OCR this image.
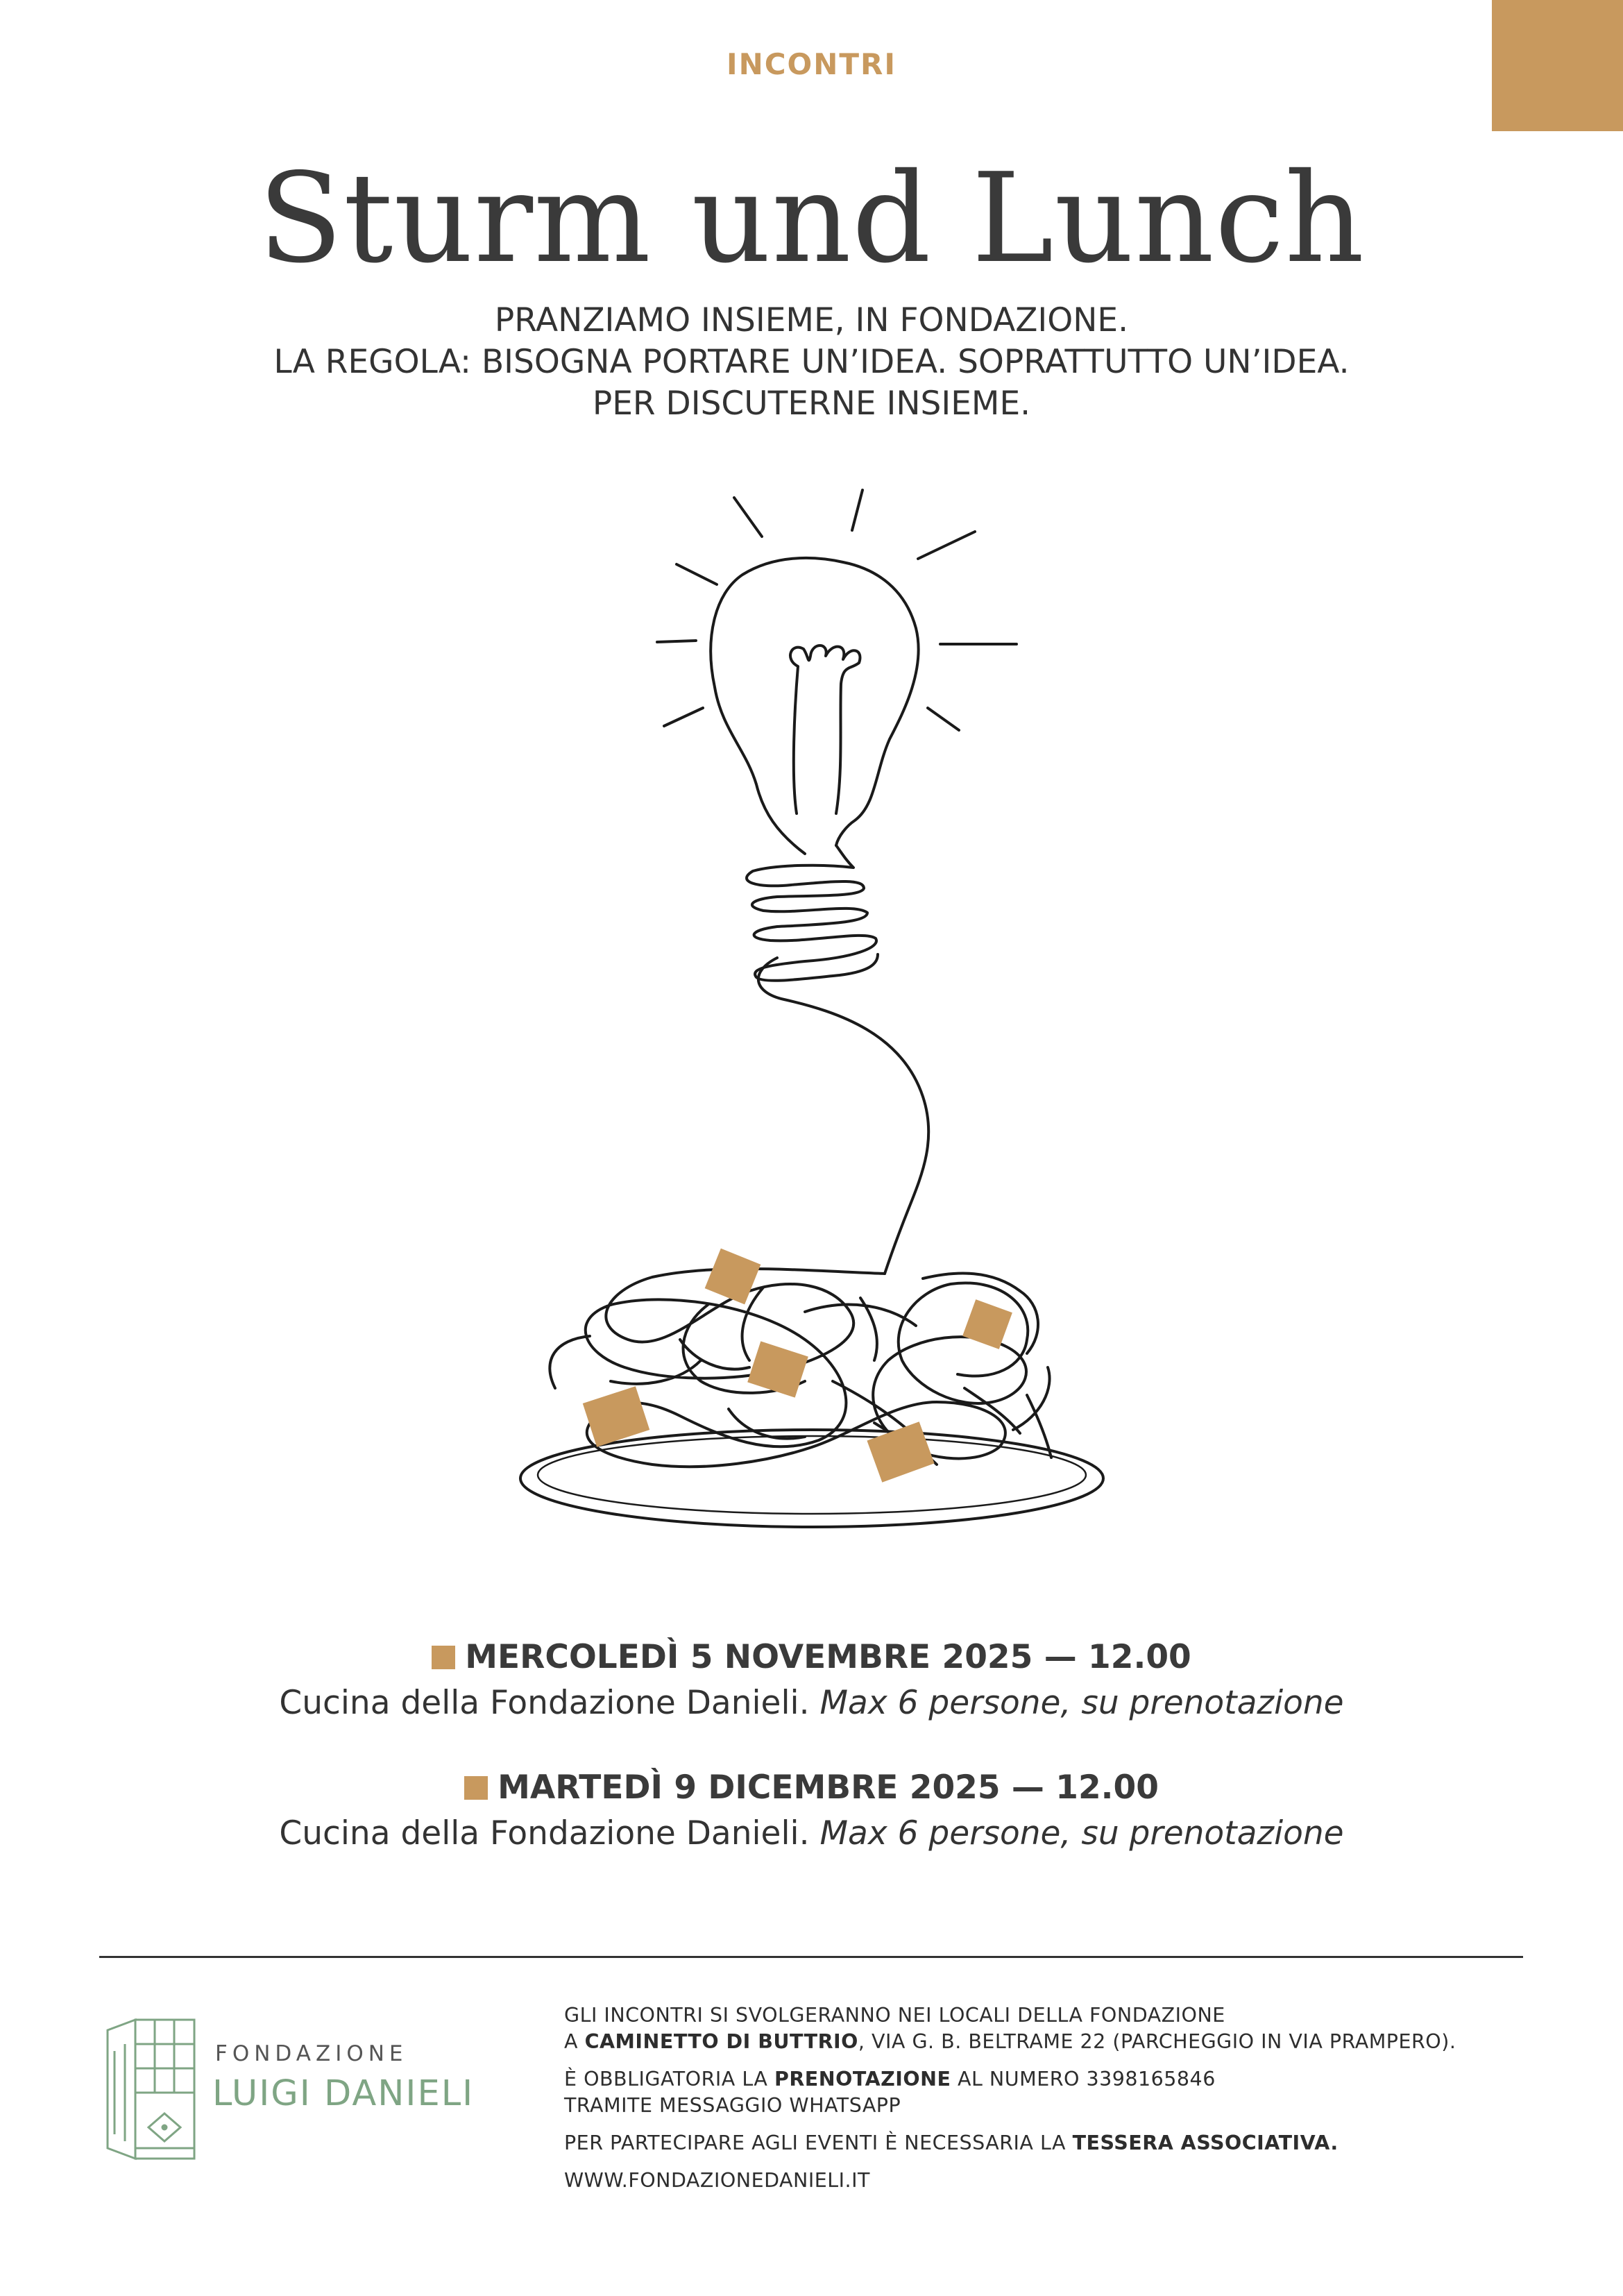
INCONTRI
Sturm und Lunch
PRANZIAMO INSIEME, IN FONDAZIONE.
LA REGOLA: BISOGNA PORTARE UN’IDEA. SOPRATTUTTO UN’IDEA.
PER DISCUTERNE INSIEME.
MERCOLEDÌ 5 NOVEMBRE 2025 — 12.00
Cucina della Fondazione Danieli. Max 6 persone, su prenotazione
MARTEDÌ 9 DICEMBRE 2025 — 12.00
Cucina della Fondazione Danieli. Max 6 persone, su prenotazione
FONDAZIONE
LUIGI DANIELI

GLI INCONTRI SI SVOLGERANNO NEI LOCALI DELLA FONDAZIONE
A CAMINETTO DI BUTTRIO, VIA G. B. BELTRAME 22 (PARCHEGGIO IN VIA PRAMPERO).

È OBBLIGATORIA LA PRENOTAZIONE AL NUMERO 3398165846
TRAMITE MESSAGGIO WHATSAPP

PER PARTECIPARE AGLI EVENTI È NECESSARIA LA TESSERA ASSOCIATIVA.

WWW.FONDAZIONEDANIELI.IT
